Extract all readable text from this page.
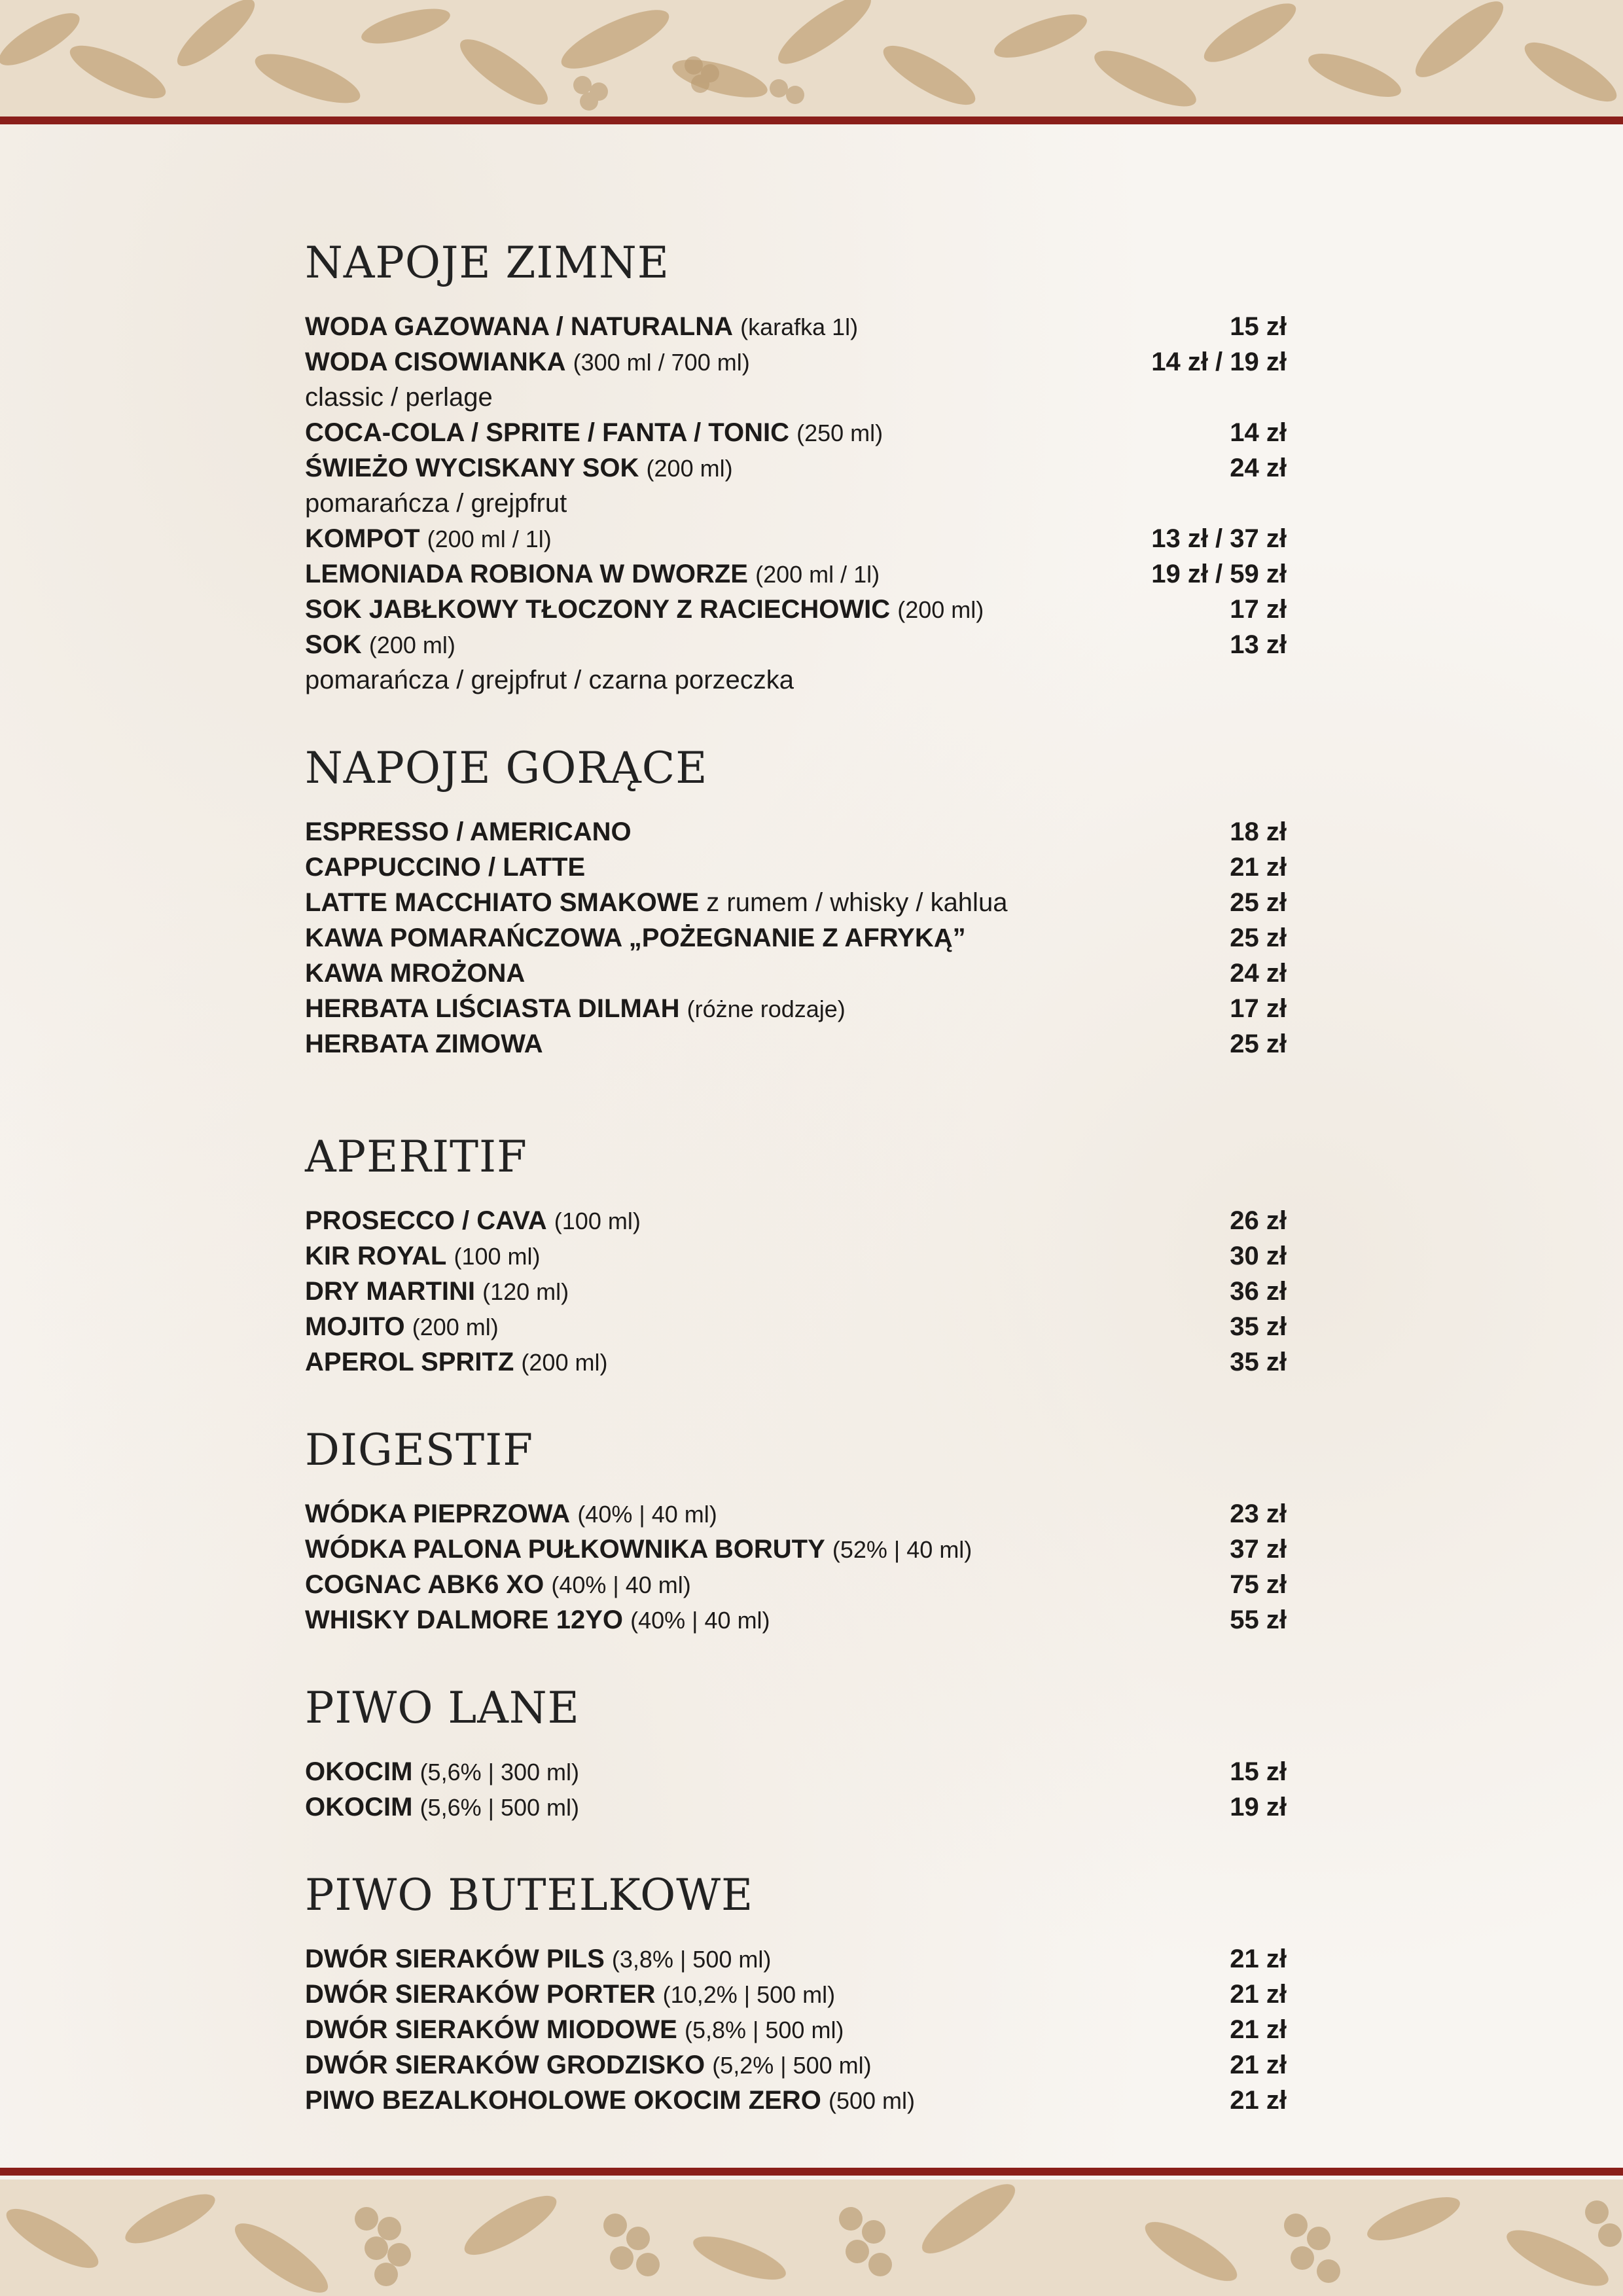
NAPOJE ZIMNE
WODA GAZOWANA / NATURALNA (karafka 1l)	15 zł
WODA CISOWIANKA (300 ml / 700 ml)	14 zł / 19 zł
classic / perlage
COCA-COLA / SPRITE / FANTA / TONIC (250 ml)	14 zł
ŚWIEŻO WYCISKANY SOK (200 ml)	24 zł
pomarańcza / grejpfrut
KOMPOT (200 ml / 1l)	13 zł / 37 zł
LEMONIADA ROBIONA W DWORZE (200 ml / 1l)	19 zł / 59 zł
SOK JABŁKOWY TŁOCZONY Z RACIECHOWIC (200 ml)	17 zł
SOK (200 ml)	13 zł
pomarańcza / grejpfrut / czarna porzeczka
NAPOJE GORĄCE
ESPRESSO / AMERICANO	18 zł
CAPPUCCINO / LATTE	21 zł
LATTE MACCHIATO SMAKOWE z rumem / whisky / kahlua	25 zł
KAWA POMARAŃCZOWA „POŻEGNANIE Z AFRYKĄ”	25 zł
KAWA MROŻONA	24 zł
HERBATA LIŚCIASTA DILMAH (różne rodzaje)	17 zł
HERBATA ZIMOWA	25 zł
APERITIF
PROSECCO / CAVA (100 ml)	26 zł
KIR ROYAL (100 ml)	30 zł
DRY MARTINI (120 ml)	36 zł
MOJITO (200 ml)	35 zł
APEROL SPRITZ (200 ml)	35 zł
DIGESTIF
WÓDKA PIEPRZOWA (40% | 40 ml)	23 zł
WÓDKA PALONA PUŁKOWNIKA BORUTY (52% | 40 ml)	37 zł
COGNAC ABK6 XO (40% | 40 ml)	75 zł
WHISKY DALMORE 12YO (40% | 40 ml)	55 zł
PIWO LANE
OKOCIM (5,6% | 300 ml)	15 zł
OKOCIM (5,6% | 500 ml)	19 zł
PIWO BUTELKOWE
DWÓR SIERAKÓW PILS (3,8% | 500 ml)	21 zł
DWÓR SIERAKÓW PORTER (10,2% | 500 ml)	21 zł
DWÓR SIERAKÓW MIODOWE (5,8% | 500 ml)	21 zł
DWÓR SIERAKÓW GRODZISKO (5,2% | 500 ml)	21 zł
PIWO BEZALKOHOLOWE OKOCIM ZERO (500 ml)	21 zł
